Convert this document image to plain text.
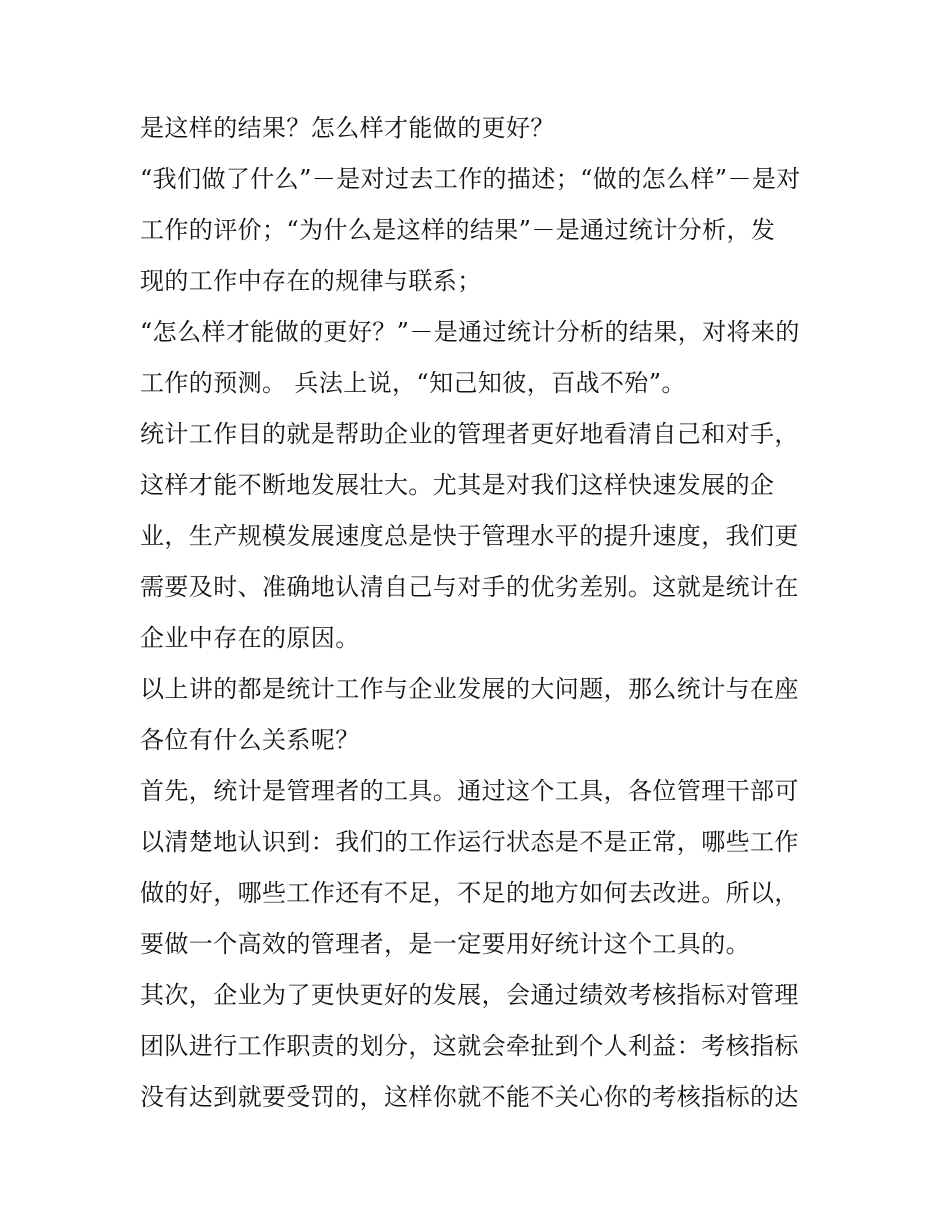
是这样的结果？怎么样才能做的更好？
“我们做了什么”－是对过去工作的描述；“做的怎么样”－是对
工作的评价；“为什么是这样的结果”－是通过统计分析，发
现的工作中存在的规律与联系；
“怎么样才能做的更好？”－是通过统计分析的结果，对将来的
工作的预测。 兵法上说，“知己知彼，百战不殆”。
统计工作目的就是帮助企业的管理者更好地看清自己和对手，
这样才能不断地发展壮大。尤其是对我们这样快速发展的企
业，生产规模发展速度总是快于管理水平的提升速度，我们更
需要及时、准确地认清自己与对手的优劣差别。这就是统计在
企业中存在的原因。
以上讲的都是统计工作与企业发展的大问题，那么统计与在座
各位有什么关系呢？
首先，统计是管理者的工具。通过这个工具，各位管理干部可
以清楚地认识到：我们的工作运行状态是不是正常，哪些工作
做的好，哪些工作还有不足，不足的地方如何去改进。所以，
要做一个高效的管理者，是一定要用好统计这个工具的。
其次，企业为了更快更好的发展，会通过绩效考核指标对管理
团队进行工作职责的划分，这就会牵扯到个人利益：考核指标
没有达到就要受罚的，这样你就不能不关心你的考核指标的达
